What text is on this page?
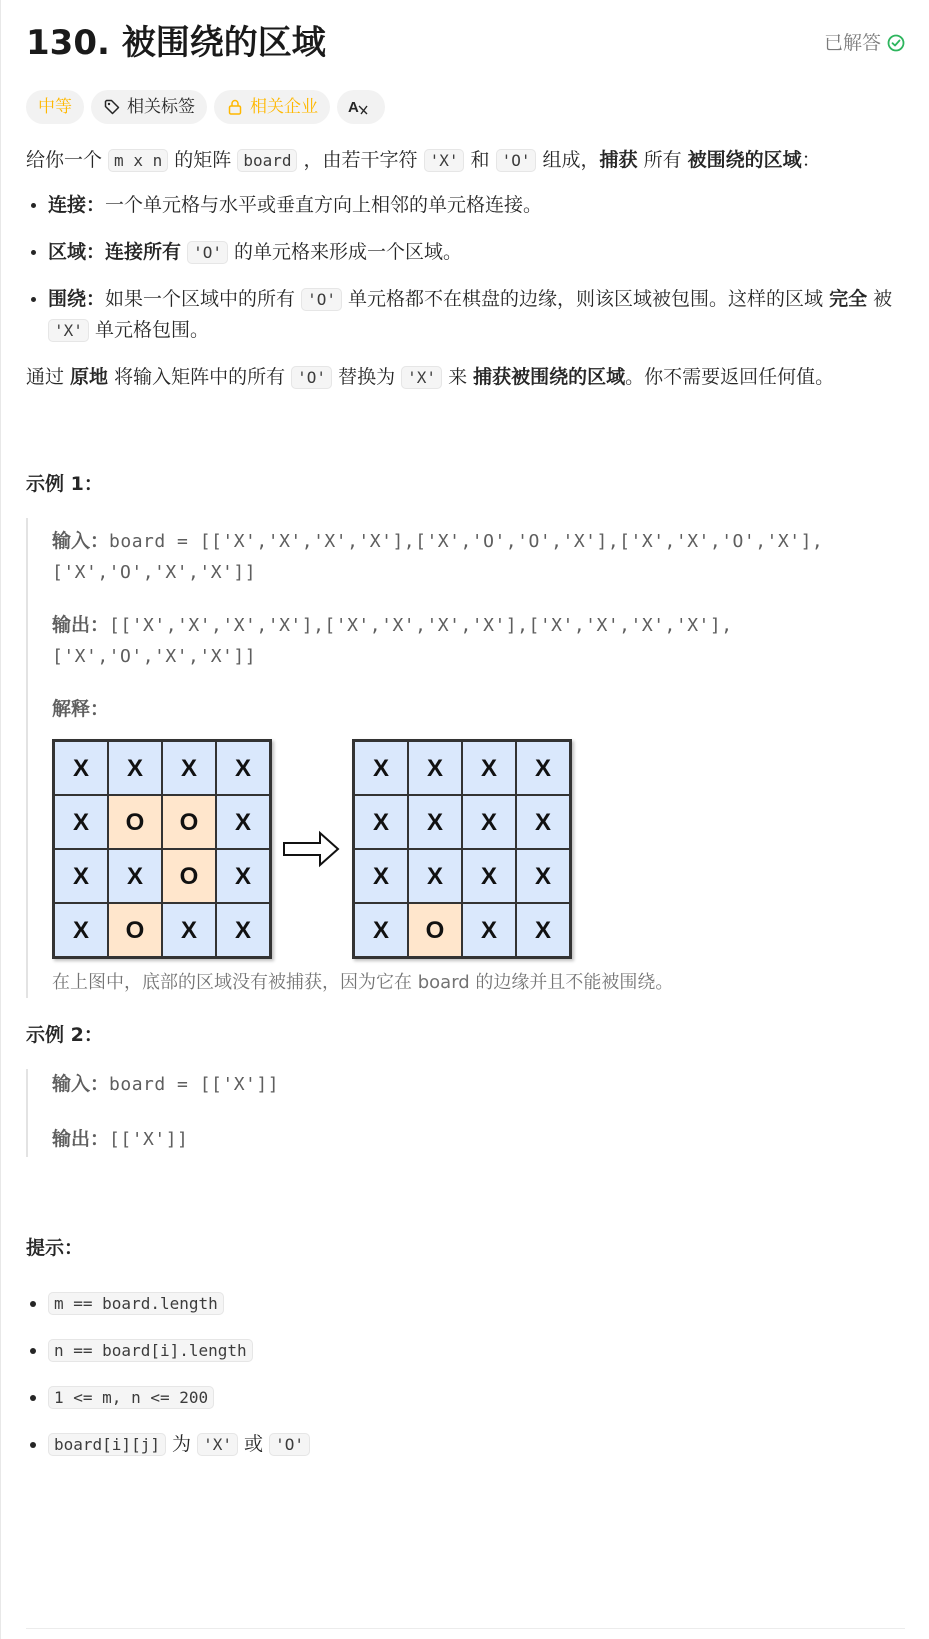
130. 被围绕的区域	已解答
中等	相关标签	相关企业 A

给你一个 m x n 的矩阵 board ，由若干字符 'X' 和 'O' 组成，捕获 所有 被围绕的区域：

• 连接：一个单元格与水平或垂直方向上相邻的单元格连接。
• 区域：连接所有 'O' 的单元格来形成一个区域。
• 围绕：如果一个区域中的所有 'O' 单元格都不在棋盘的边缘，则该区域被包围。这样的区域 完全 被 'X' 单元格包围。

通过 原地 将输入矩阵中的所有 'O' 替换为 'X' 来 捕获被围绕的区域。你不需要返回任何值。

示例 1：
输入：board = [['X','X','X','X'],['X','O','O','X'],['X','X','O','X'],
['X','O','X','X']]
输出：[['X','X','X','X'],['X','X','X','X'],['X','X','X','X'],
['X','O','X','X']]
解释：
X	X	X	X
X	O	O	X
X	X	O	X
X	O	X	X
X	X	X	X
X	X	X	X
X	X	X	X
X	O	X	X
在上图中，底部的区域没有被捕获，因为它在 board 的边缘并且不能被围绕。
示例 2：
输入：board = [['X']]
输出：[['X']]
提示：
• m == board.length
• n == board[i].length
• 1 <= m, n <= 200
• board[i][j] 为 'X' 或 'O'
